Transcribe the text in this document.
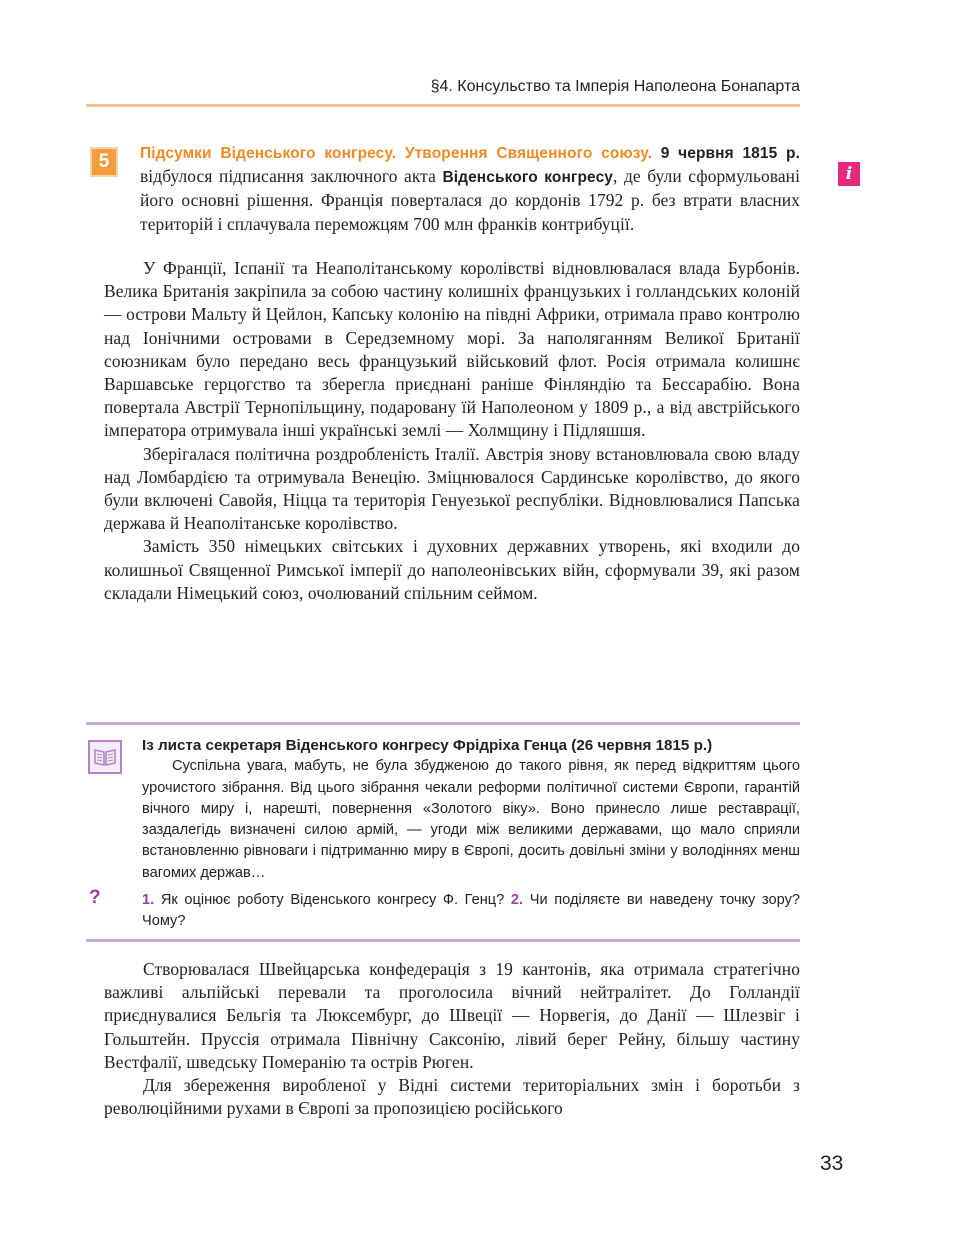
§4. Консульство та Імперія Наполеона Бонапарта
5
i

Підсумки Віденського конгресу. Утворення Священного союзу. 9 червня 1815 р. відбулося підписання заключного акта Віденського конгресу, де були сформульовані його основні рішення. Франція поверталася до кордонів 1792 р. без втрати власних територій і сплачувала переможцям 700 млн франків контрибуції.

У Франції, Іспанії та Неаполітанському королівстві відновлювалася влада Бурбонів. Велика Британія закріпила за собою частину колишніх французьких і голландських колоній — острови Мальту й Цейлон, Капську колонію на півдні Африки, отримала право контролю над Іонічними островами в Середземному морі. За наполяганням Великої Британії союзникам було передано весь французький військовий флот. Росія отримала колишнє Варшавське герцогство та зберегла приєднані раніше Фінляндію та Бессарабію. Вона повертала Австрії Тернопільщину, подаровану їй Наполеоном у 1809 р., а від австрійського імператора отримувала інші українські землі — Холмщину і Підляшшя.

Зберігалася політична роздробленість Італії. Австрія знову встановлювала свою владу над Ломбардією та отримувала Венецію. Зміцнювалося Сардинське королівство, до якого були включені Савойя, Ніцца та територія Генуезької республіки. Відновлювалися Папська держава й Неаполітанське королівство.

Замість 350 німецьких світських і духовних державних утворень, які входили до колишньої Священної Римської імперії до наполеонівських війн, сформували 39, які разом складали Німецький союз, очолюваний спільним сеймом.

Із листа секретаря Віденського конгресу Фрідріха Генца (26 червня 1815 р.)

Суспільна увага, мабуть, не була збудженою до такого рівня, як перед відкриттям цього урочистого зібрання. Від цього зібрання чекали реформи політичної системи Європи, гарантій вічного миру і, нарешті, повернення «Золотого віку». Воно принесло лише реставрації, заздалегідь визначені силою армій, — угоди між великими державами, що мало сприяли встановленню рівноваги і підтриманню миру в Європі, досить довільні зміни у володіннях менш вагомих держав…

?	1. Як оцінює роботу Віденського конгресу Ф. Генц? 2. Чи поділяєте ви наведену точку зору? Чому?

Створювалася Швейцарська конфедерація з 19 кантонів, яка отримала стратегічно важливі альпійські перевали та проголосила вічний нейтралітет. До Голландії приєднувалися Бельгія та Люксембург, до Швеції — Норвегія, до Данії — Шлезвіг і Гольштейн. Пруссія отримала Північну Саксонію, лівий берег Рейну, більшу частину Вестфалії, шведську Померанію та острів Рюген.

Для збереження виробленої у Відні системи територіальних змін і боротьби з революційними рухами в Європі за пропозицією російського

33
